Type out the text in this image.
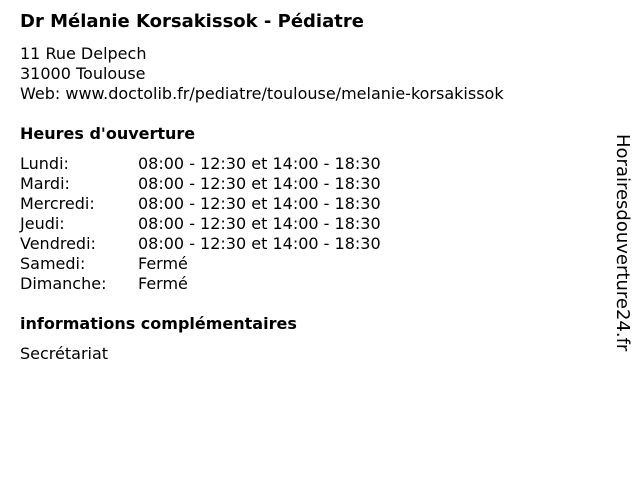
Dr Mélanie Korsakissok - Pédiatre
11 Rue Delpech
31000 Toulouse
Web: www.doctolib.fr/pediatre/toulouse/melanie-korsakissok
Heures d'ouverture
Lundi:	08:00 - 12:30 et 14:00 - 18:30
Mardi:	08:00 - 12:30 et 14:00 - 18:30
Mercredi:	08:00 - 12:30 et 14:00 - 18:30
Jeudi:	08:00 - 12:30 et 14:00 - 18:30
Vendredi:	08:00 - 12:30 et 14:00 - 18:30
Samedi:	Fermé
Dimanche:	Fermé
informations complémentaires
Secrétariat
Horairesdouverture24.fr
